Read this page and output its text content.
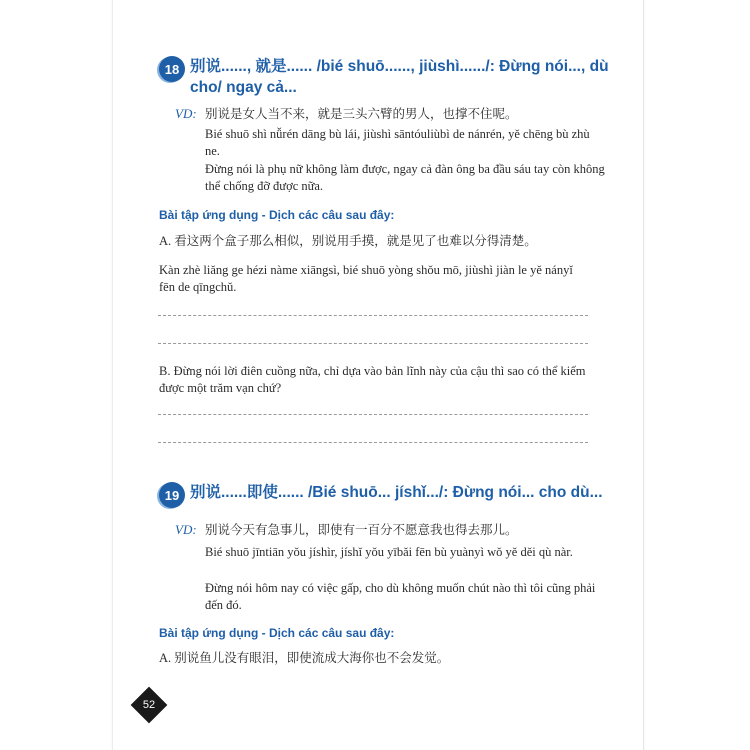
18 别说......, 就是...... /bié shuō......, jiùshì....../: Đừng nói..., dù cho/ ngay cả...
VD: 别说是女人当不来，就是三头六臂的男人，也撑不住呢。
Bié shuō shì nǚrén dāng bù lái, jiùshì sāntóuliùbì de nánrén, yě chēng bù zhù ne.
Đừng nói là phụ nữ không làm được, ngay cả đàn ông ba đầu sáu tay còn không thể chống đỡ được nữa.
Bài tập ứng dụng - Dịch các câu sau đây:
A. 看这两个盒子那么相似，别说用手摸，就是见了也难以分得清楚。
Kàn zhè liǎng ge hézi nàme xiāngsì, bié shuō yòng shǒu mō, jiùshì jiàn le yě nányǐ fēn de qīngchǔ.
B. Đừng nói lời điên cuồng nữa, chỉ dựa vào bản lĩnh này của cậu thì sao có thể kiếm được một trăm vạn chứ?
19 别说......即使...... /Bié shuō... jíshǐ.../: Đừng nói... cho dù...
VD: 别说今天有急事儿，即使有一百分不愿意我也得去那儿。
Bié shuō jīntiān yǒu jíshìr, jíshǐ yǒu yībǎi fēn bù yuànyì wǒ yě děi qù nàr.
Đừng nói hôm nay có việc gấp, cho dù không muốn chút nào thì tôi cũng phải đến đó.
Bài tập ứng dụng - Dịch các câu sau đây:
A. 别说鱼儿没有眼泪，即使流成大海你也不会发觉。
52
